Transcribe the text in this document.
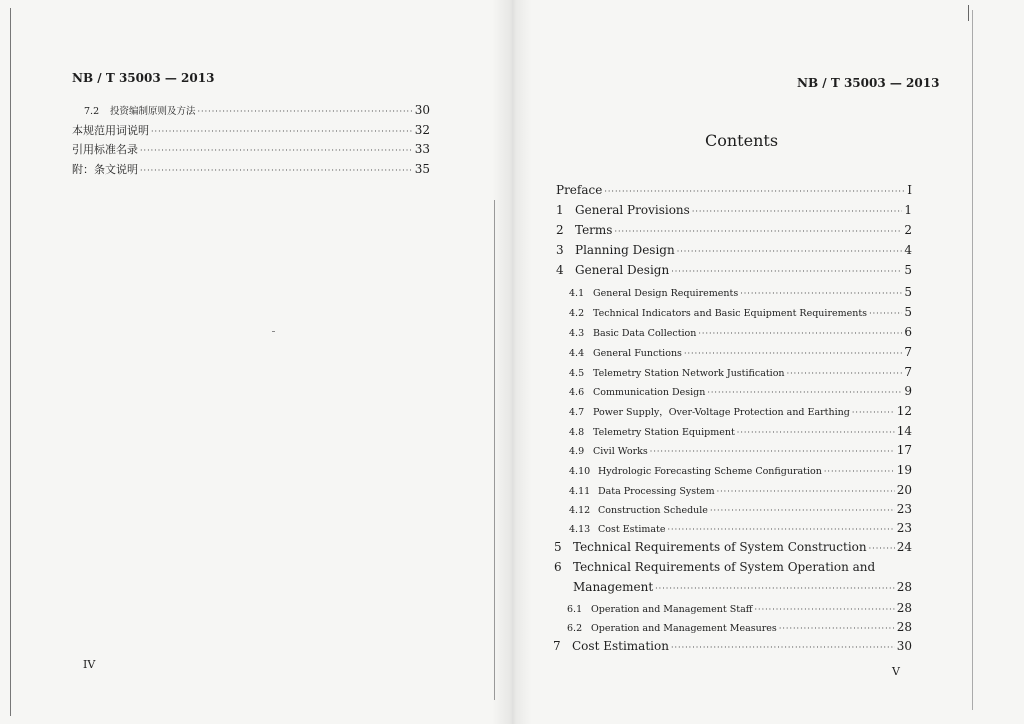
NB / T 35003 — 2013
7.2	投资编制原则及方法 ·····	30
本规范用词说明 ·····	32
引用标准名录 ·····	33
附：条文说明 ·····	35
IV
NB / T 35003 — 2013
Contents
Preface ·····	I
1 General Provisions ·····	1
2 Terms ·····	2
3 Planning Design ·····	4
4 General Design ·····	5
4.1 General Design Requirements ·····	5
4.2 Technical Indicators and Basic Equipment Requirements ·····	5
4.3 Basic Data Collection ·····	6
4.4 General Functions ·····	7
4.5 Telemetry Station Network Justification ·····	7
4.6 Communication Design ·····	9
4.7 Power Supply，Over-Voltage Protection and Earthing ·····	12
4.8 Telemetry Station Equipment ·····	14
4.9 Civil Works ·····	17
4.10 Hydrologic Forecasting Scheme Configuration ·····	19
4.11 Data Processing System ·····	20
4.12 Construction Schedule ·····	23
4.13 Cost Estimate ·····	23
5 Technical Requirements of System Construction ·····	24
6 Technical Requirements of System Operation and
Management ·····	28
6.1 Operation and Management Staff ·····	28
6.2 Operation and Management Measures ·····	28
7 Cost Estimation ·····	30
V
